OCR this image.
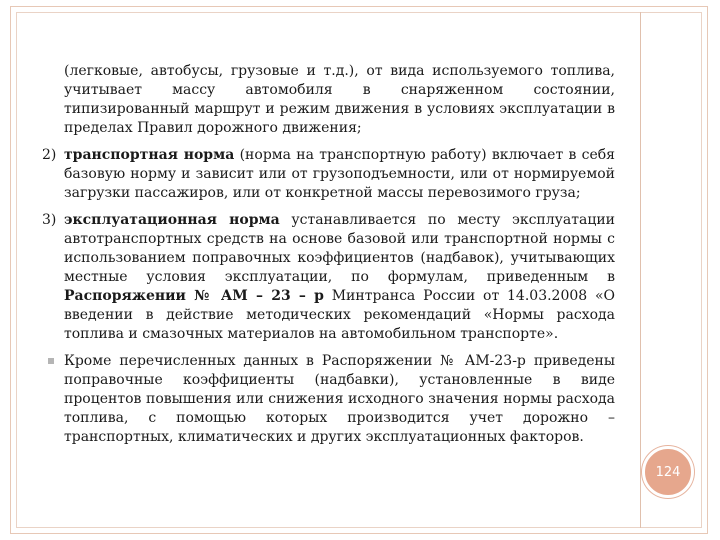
(легковые, автобусы, грузовые и т.д.), от вида используемого топлива, учитывает массу автомобиля в снаряженном состоянии, типизированный маршрут и режим движения в условиях эксплуатации в пределах Правил дорожного движения;

2) транспортная норма (норма на транспортную работу) включает в себя базовую норму и зависит или от грузоподъемности, или от нормируемой загрузки пассажиров, или от конкретной массы перевозимого груза;

3) эксплуатационная норма устанавливается по месту эксплуатации автотранспортных средств на основе базовой или транспортной нормы с использованием поправочных коэффициентов (надбавок), учитывающих местные условия эксплуатации, по формулам, приведенным в Распоряжении № АМ – 23 – р Минтранса России от 14.03.2008 «О введении в действие методических рекомендаций «Нормы расхода топлива и смазочных материалов на автомобильном транспорте».

Кроме перечисленных данных в Распоряжении № АМ-23-р приведены поправочные коэффициенты (надбавки), установленные в виде процентов повышения или снижения исходного значения нормы расхода топлива, с помощью которых производится учет дорожно – транспортных, климатических и других эксплуатационных факторов.

124
